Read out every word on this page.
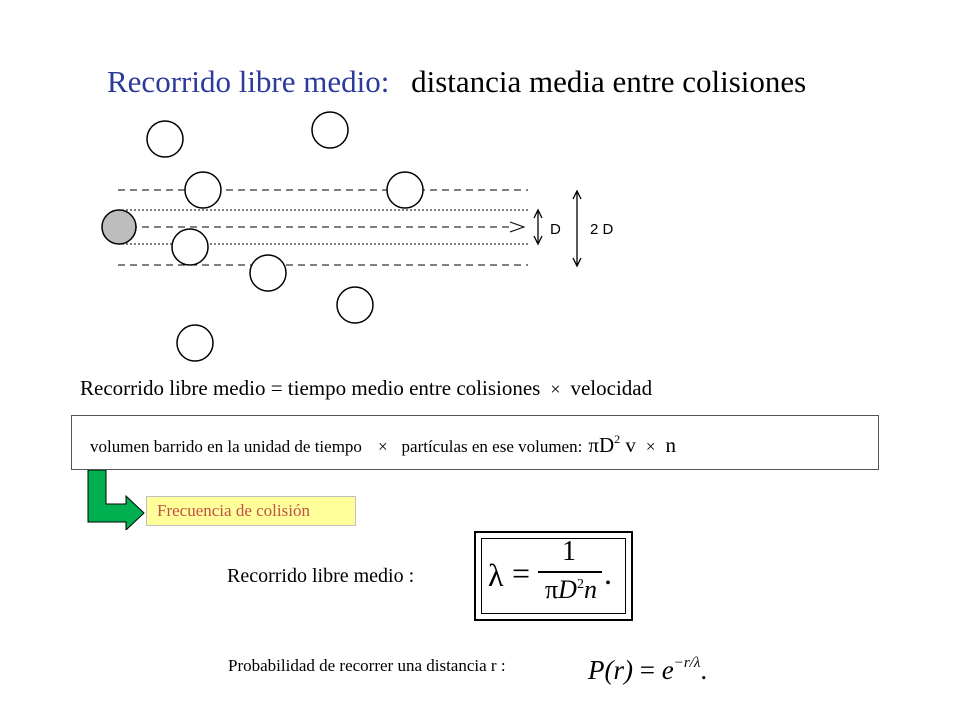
Recorrido libre medio: distancia media entre colisiones
D 2 D
Recorrido libre medio = tiempo medio entre colisiones × velocidad
volumen barrido en la unidad de tiempo × partículas en ese volumen: $\pi D^2$ v × n
Frecuencia de colisión
Recorrido libre medio : λ =
1
$\pi D^2n$ .
Probabilidad de recorrer una distancia r :	$P(r) = e^{-r/\lambda}$.
